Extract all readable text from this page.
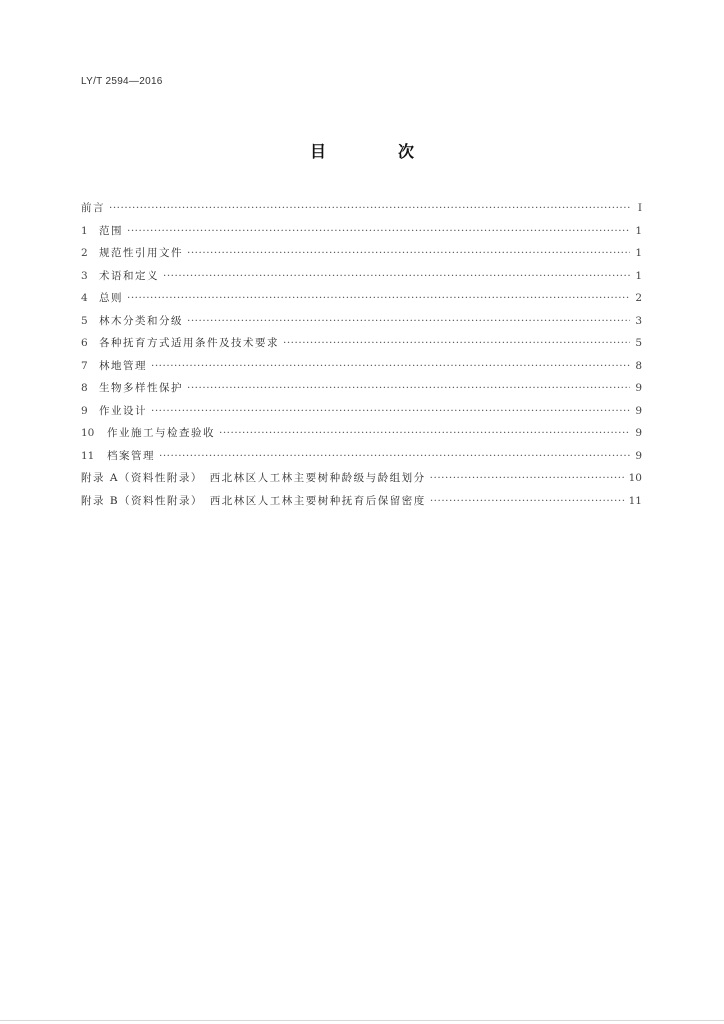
LY/T 2594—2016
目　次
前言 ·····	Ⅰ
1	范围 ·····	1
2	规范性引用文件 ·····	1
3	术语和定义 ·····	1
4	总则 ·····	2
5	林木分类和分级 ·····	3
6	各种抚育方式适用条件及技术要求 ·····	5
7	林地管理 ·····	8
8	生物多样性保护 ·····	9
9	作业设计 ·····	9
10	作业施工与检查验收 ·····	9
11	档案管理 ·····	9
附录 A（资料性附录）　西北林区人工林主要树种龄级与龄组划分 ·····	10
附录 B（资料性附录）　西北林区人工林主要树种抚育后保留密度 ·····	11
